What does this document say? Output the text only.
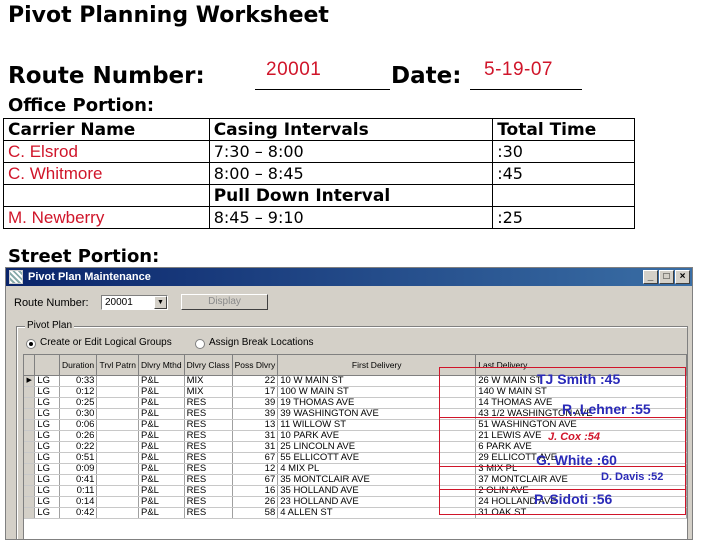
Pivot Planning Worksheet
Route Number:	20001	Date: 5-19-07
Office Portion:
Carrier Name	Casing Intervals	Total Time
C. Elsrod	7:30 – 8:00	:30
C. Whitmore	8:00 – 8:45	:45
	Pull Down Interval	
M. Newberry	8:45 – 9:10	:25
Street Portion:
Pivot Plan Maintenance	_	□	×
Route Number:	20001	▼	Display
Pivot Plan
Create or Edit Logical Groups	Assign Break Locations
		Duration	Trvl Patrn	Dlvry Mthd	Dlvry Class	Poss Dlvry	First Delivery	Last Delivery
▶	LG	0:33		P&L	MIX	22	10 W MAIN ST	26 W MAIN ST
	LG	0:12		P&L	MIX	17	100 W MAIN ST	140 W MAIN ST
	LG	0:25		P&L	RES	39	19 THOMAS AVE	14 THOMAS AVE
	LG	0:30		P&L	RES	39	39 WASHINGTON AVE	43 1/2 WASHINGTON AVE
	LG	0:06		P&L	RES	13	11 WILLOW ST	51 WASHINGTON AVE
	LG	0:26		P&L	RES	31	10 PARK AVE	21 LEWIS AVE
	LG	0:22		P&L	RES	31	25 LINCOLN AVE	6 PARK AVE
	LG	0:51		P&L	RES	67	55 ELLICOTT AVE	29 ELLICOTT AVE
	LG	0:09		P&L	RES	12	4 MIX PL	3 MIX PL
	LG	0:41		P&L	RES	67	35 MONTCLAIR AVE	37 MONTCLAIR AVE
	LG	0:11		P&L	RES	16	35 HOLLAND AVE	2 OLIN AVE
	LG	0:14		P&L	RES	26	23 HOLLAND AVE	24 HOLLAND AVE
	LG	0:42		P&L	RES	58	4 ALLEN ST	31 OAK ST
TJ Smith :45
R. Lehner :55
J. Cox :54
G. White :60
D. Davis :52
P. Sidoti :56
